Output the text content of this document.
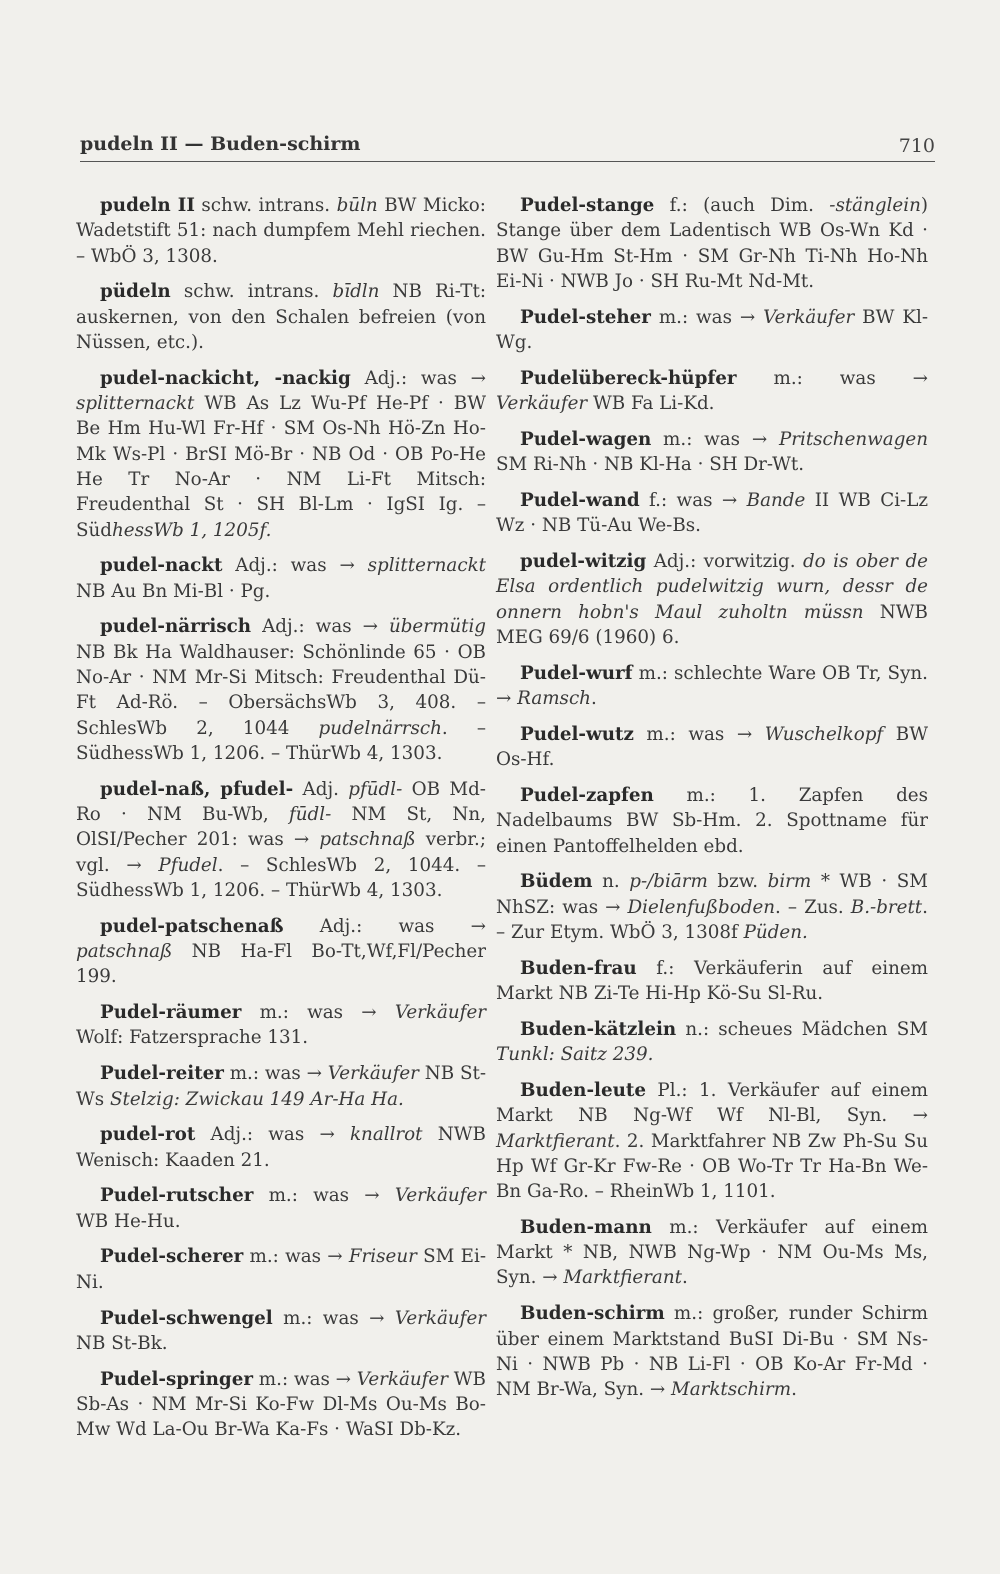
pudeln II — Buden-schirm	710

pudeln II schw. intrans. būln BW Micko: Wadetstift 51: nach dumpfem Mehl riechen. – WbÖ 3, 1308.

püdeln schw. intrans. bīdln NB Ri-Tt: auskernen, von den Schalen befreien (von Nüssen, etc.).

pudel-nackicht, -nackig Adj.: was → splitternackt WB As Lz Wu-Pf He-Pf · BW Be Hm Hu-Wl Fr-Hf · SM Os-Nh Hö-Zn Ho-Mk Ws-Pl · BrSI Mö-Br · NB Od · OB Po-He He Tr No-Ar · NM Li-Ft Mitsch: Freudenthal St · SH Bl-Lm · IgSI Ig. – SüdhessWb 1, 1205f.

pudel-nackt Adj.: was → splitternackt NB Au Bn Mi-Bl · Pg.

pudel-närrisch Adj.: was → übermütig NB Bk Ha Waldhauser: Schönlinde 65 · OB No-Ar · NM Mr-Si Mitsch: Freudenthal Dü-Ft Ad-Rö. – ObersächsWb 3, 408. – SchlesWb 2, 1044 pudelnärrsch. – SüdhessWb 1, 1206. – ThürWb 4, 1303.

pudel-naß, pfudel- Adj. pfūdl- OB Md-Ro · NM Bu-Wb, fūdl- NM St, Nn, OlSI/Pecher 201: was → patschnaß verbr.; vgl. → Pfudel. – SchlesWb 2, 1044. – SüdhessWb 1, 1206. – ThürWb 4, 1303.

pudel-patschenaß Adj.: was → patschnaß NB Ha-Fl Bo-Tt,Wf,Fl/Pecher 199.

Pudel-räumer m.: was → Verkäufer Wolf: Fatzersprache 131.

Pudel-reiter m.: was → Verkäufer NB St-Ws Stelzig: Zwickau 149 Ar-Ha Ha.

pudel-rot Adj.: was → knallrot NWB Wenisch: Kaaden 21.

Pudel-rutscher m.: was → Verkäufer WB He-Hu.

Pudel-scherer m.: was → Friseur SM Ei-Ni.

Pudel-schwengel m.: was → Verkäufer NB St-Bk.

Pudel-springer m.: was → Verkäufer WB Sb-As · NM Mr-Si Ko-Fw Dl-Ms Ou-Ms Bo-Mw Wd La-Ou Br-Wa Ka-Fs · WaSI Db-Kz.

Pudel-stange f.: (auch Dim. -stänglein) Stange über dem Ladentisch WB Os-Wn Kd · BW Gu-Hm St-Hm · SM Gr-Nh Ti-Nh Ho-Nh Ei-Ni · NWB Jo · SH Ru-Mt Nd-Mt.

Pudel-steher m.: was → Verkäufer BW Kl-Wg.

Pudelübereck-hüpfer m.: was → Verkäufer WB Fa Li-Kd.

Pudel-wagen m.: was → Pritschenwagen SM Ri-Nh · NB Kl-Ha · SH Dr-Wt.

Pudel-wand f.: was → Bande II WB Ci-Lz Wz · NB Tü-Au We-Bs.

pudel-witzig Adj.: vorwitzig. do is ober de Elsa ordentlich pudelwitzig wurn, dessr de onnern hobn's Maul zuholtn müssn NWB MEG 69/6 (1960) 6.

Pudel-wurf m.: schlechte Ware OB Tr, Syn. → Ramsch.

Pudel-wutz m.: was → Wuschelkopf BW Os-Hf.

Pudel-zapfen m.: 1. Zapfen des Nadelbaums BW Sb-Hm. 2. Spottname für einen Pantoffelhelden ebd.

Büdem n. p-/biārm bzw. birm * WB · SM NhSZ: was → Dielenfußboden. – Zus. B.-brett. – Zur Etym. WbÖ 3, 1308f Püden.

Buden-frau f.: Verkäuferin auf einem Markt NB Zi-Te Hi-Hp Kö-Su Sl-Ru.

Buden-kätzlein n.: scheues Mädchen SM Tunkl: Saitz 239.

Buden-leute Pl.: 1. Verkäufer auf einem Markt NB Ng-Wf Wf Nl-Bl, Syn. → Marktfierant. 2. Marktfahrer NB Zw Ph-Su Su Hp Wf Gr-Kr Fw-Re · OB Wo-Tr Tr Ha-Bn We-Bn Ga-Ro. – RheinWb 1, 1101.

Buden-mann m.: Verkäufer auf einem Markt * NB, NWB Ng-Wp · NM Ou-Ms Ms, Syn. → Marktfierant.

Buden-schirm m.: großer, runder Schirm über einem Marktstand BuSI Di-Bu · SM Ns-Ni · NWB Pb · NB Li-Fl · OB Ko-Ar Fr-Md · NM Br-Wa, Syn. → Marktschirm.
